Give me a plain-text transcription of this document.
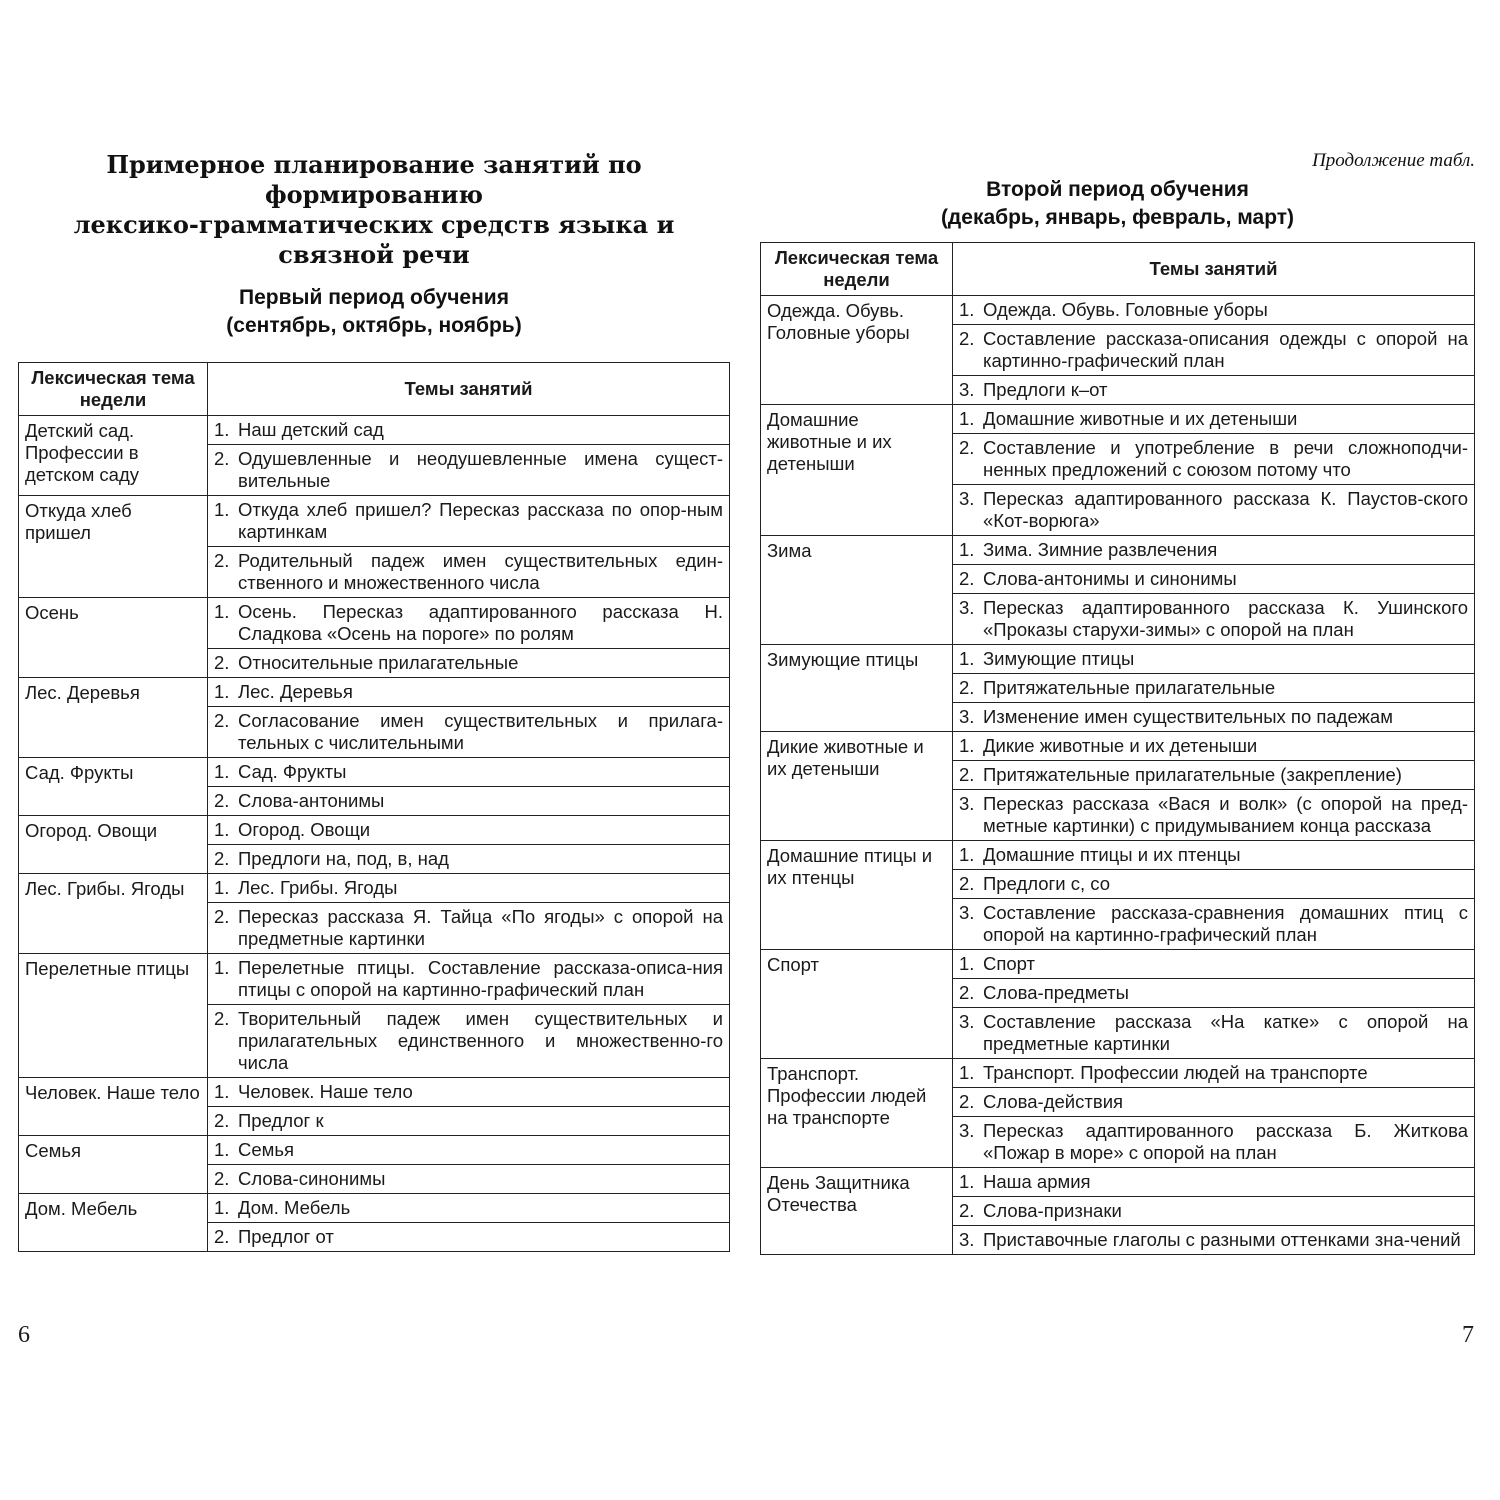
Примерное планирование занятий по формированию
лексико-грамматических средств языка и связной речи

Первый период обучения
(сентябрь, октябрь, ноябрь)

Лексическая тема недели	Темы занятий
Детский сад. Профессии в детском саду	1. Наш детский сад

	2. Одушевленные и неодушевленные имена сущест-вительные

Откуда хлеб пришел	1. Откуда хлеб пришел? Пересказ рассказа по опор-ным картинкам

	2. Родительный падеж имен существительных един-ственного и множественного числа

Осень	1. Осень. Пересказ адаптированного рассказа Н. Сладкова «Осень на пороге» по ролям

	2. Относительные прилагательные

Лес. Деревья	1. Лес. Деревья

	2. Согласование имен существительных и прилага-тельных с числительными

Сад. Фрукты	1. Сад. Фрукты

	2. Слова-антонимы

Огород. Овощи	1. Огород. Овощи

	2. Предлоги на, под, в, над

Лес. Грибы. Ягоды	1. Лес. Грибы. Ягоды

	2. Пересказ рассказа Я. Тайца «По ягоды» с опорой на предметные картинки

Перелетные птицы	1. Перелетные птицы. Составление рассказа-описа-ния птицы с опорой на картинно-графический план

	2. Творительный падеж имен существительных и прилагательных единственного и множественно-го числа

Человек. Наше тело	1. Человек. Наше тело

	2. Предлог к

Семья	1. Семья

	2. Слова-синонимы

Дом. Мебель	1. Дом. Мебель

	2. Предлог от
6

Продолжение табл.

Второй период обучения
(декабрь, январь, февраль, март)

Лексическая тема недели	Темы занятий
Одежда. Обувь. Головные уборы	1. Одежда. Обувь. Головные уборы

	2. Составление рассказа-описания одежды с опорой на картинно-графический план

	3. Предлоги к–от

Домашние животные и их детеныши	1. Домашние животные и их детеныши

	2. Составление и употребление в речи сложноподчи-ненных предложений с союзом потому что

	3. Пересказ адаптированного рассказа К. Паустов-ского «Кот-ворюга»

Зима	1. Зима. Зимние развлечения

	2. Слова-антонимы и синонимы

	3. Пересказ адаптированного рассказа К. Ушинского «Проказы старухи-зимы» с опорой на план

Зимующие птицы	1. Зимующие птицы

	2. Притяжательные прилагательные

	3. Изменение имен существительных по падежам

Дикие животные и их детеныши	1. Дикие животные и их детеныши

	2. Притяжательные прилагательные (закрепление)

	3. Пересказ рассказа «Вася и волк» (с опорой на пред-метные картинки) с придумыванием конца рассказа

Домашние птицы и их птенцы	1. Домашние птицы и их птенцы

	2. Предлоги с, со

	3. Составление рассказа-сравнения домашних птиц с опорой на картинно-графический план

Спорт	1. Спорт

	2. Слова-предметы

	3. Составление рассказа «На катке» с опорой на предметные картинки

Транспорт. Профессии людей на транспорте	1. Транспорт. Профессии людей на транспорте

	2. Слова-действия

	3. Пересказ адаптированного рассказа Б. Житкова «Пожар в море» с опорой на план

День Защитника Отечества	1. Наша армия

	2. Слова-признаки

	3. Приставочные глаголы с разными оттенками зна-чений
7
